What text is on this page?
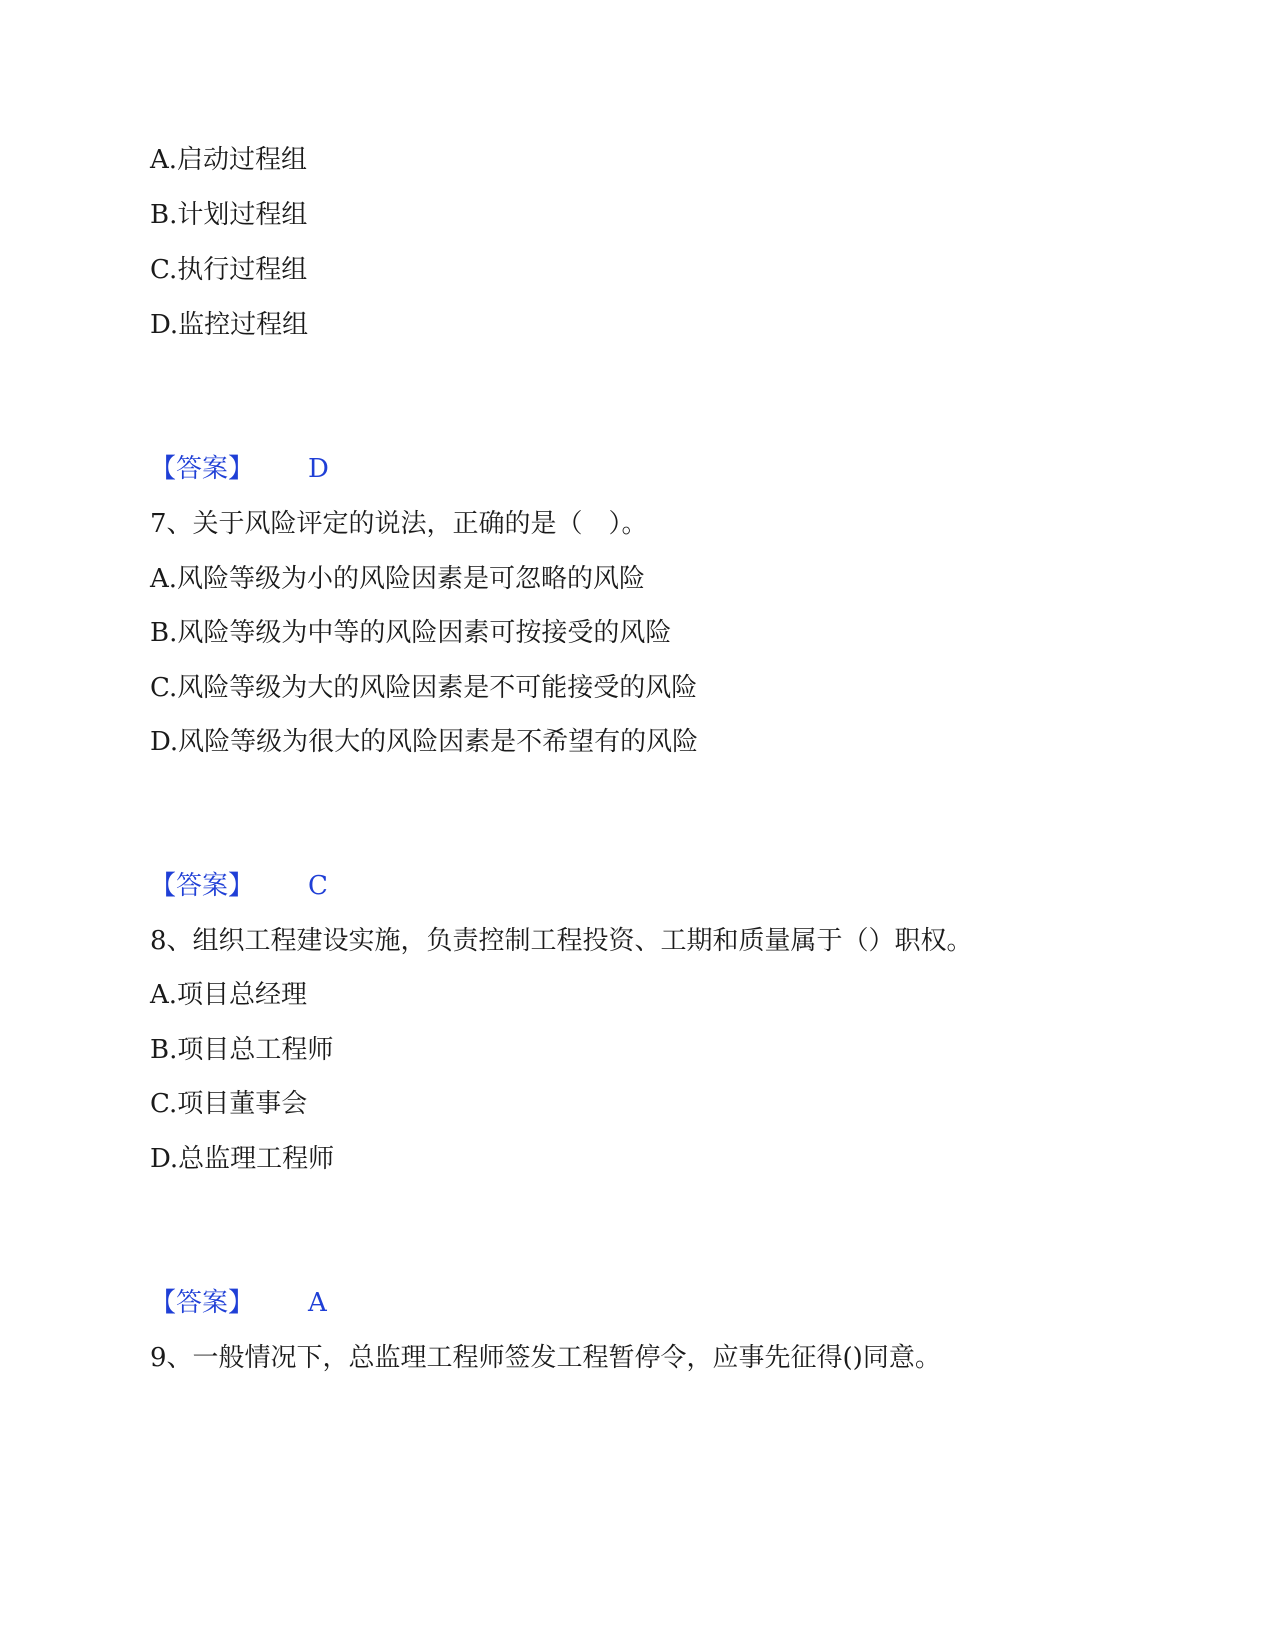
A.启动过程组
B.计划过程组
C.执行过程组
D.监控过程组
【答案】 D
7、关于风险评定的说法，正确的是（　）。
A.风险等级为小的风险因素是可忽略的风险
B.风险等级为中等的风险因素可按接受的风险
C.风险等级为大的风险因素是不可能接受的风险
D.风险等级为很大的风险因素是不希望有的风险
【答案】 C
8、组织工程建设实施，负责控制工程投资、工期和质量属于（）职权。
A.项目总经理
B.项目总工程师
C.项目董事会
D.总监理工程师
【答案】 A
9、一般情况下，总监理工程师签发工程暂停令，应事先征得()同意。
